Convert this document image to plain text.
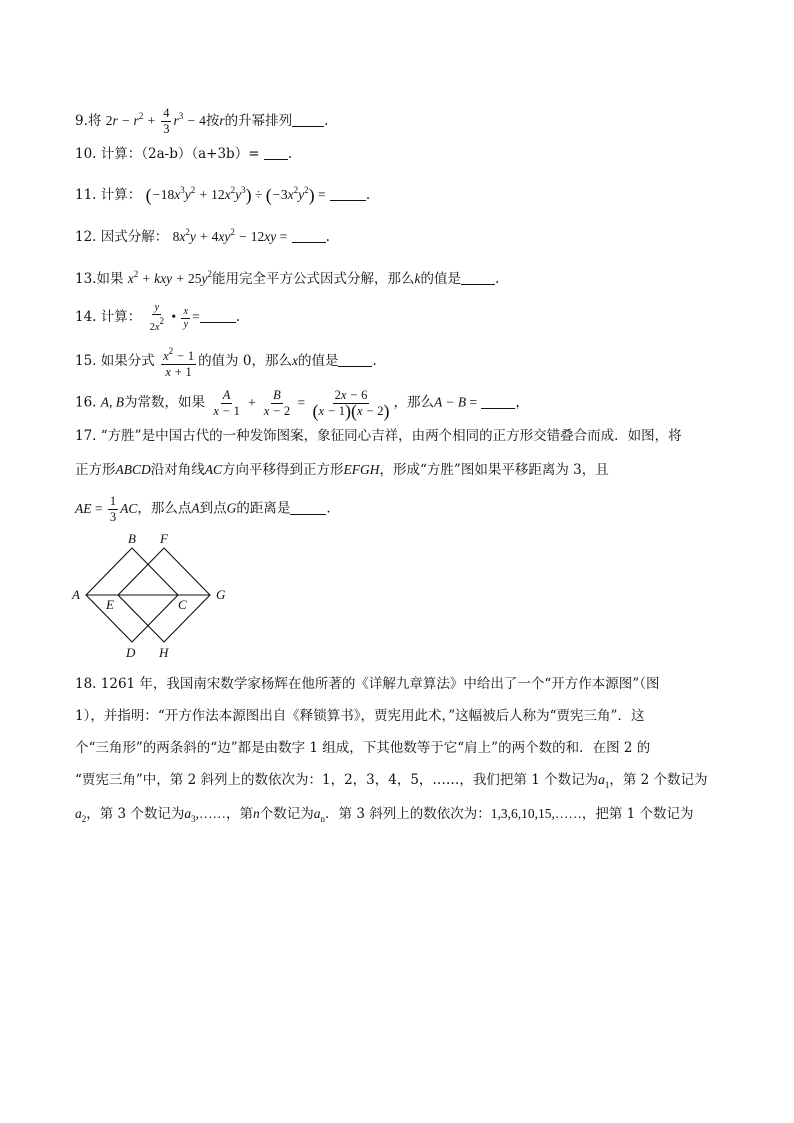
9.将 $2r - r^2 + \frac{4}{3} r^3 - 4$按r的升幂排列 .
10. 计算：（2a-b）（a+3b）= .
11. 计算： $(-18x^3y^2 + 12x^2y^3) \div (-3x^2y^2)$ =	.
12. 因式分解： $8x^2y + 4xy^2 - 12xy$ =	.
13.如果 $x^2$ + kxy + $25y^2$能用完全平方公式因式分解，那么k的值是	.
14. 计算： $\frac{y}{2x2}$ • $\frac{x}{y}$ =	.
15. 如果分式 $\frac{x^2 - 1}{x + 1}$ 的值为 0，那么x的值是	.
16. A, B为常数，如果 $\frac{A}{x - 1} + \frac{B}{x - 2} = \frac{2x - 6}{(x - 1)(x - 2)}$ ，那么A − B =	，
17. “方胜”是中国古代的一种发饰图案，象征同心吉祥，由两个相同的正方形交错叠合而成．如图，将
正方形ABCD沿对角线AC方向平移得到正方形EFGH，形成“方胜”图如果平移距离为 3，且
AE = $\frac{1}{3}$ AC，那么点A到点G的距离是	.
A
B
C
D
E
F
G
H
18. 1261 年，我国南宋数学家杨辉在他所著的《详解九章算法》中给出了一个“开方作本源图”（图
1），并指明：“开方作法本源图出自《释锁算书》，贾宪用此术，”这幅被后人称为“贾宪三角”．这
个“三角形”的两条斜的“边”都是由数字 1 组成，下其他数等于它“肩上”的两个数的和．在图 2 的
“贾宪三角”中，第 2 斜列上的数依次为：1，2，3，4，5，……，我们把第 1 个数记为$a_1$，第 2 个数记为
$a_2$，第 3 个数记为$a_3,\dots\dots$，第n个数记为$a_n$．第 3 斜列上的数依次为：1,3,6,10,15,……，把第 1 个数记为
